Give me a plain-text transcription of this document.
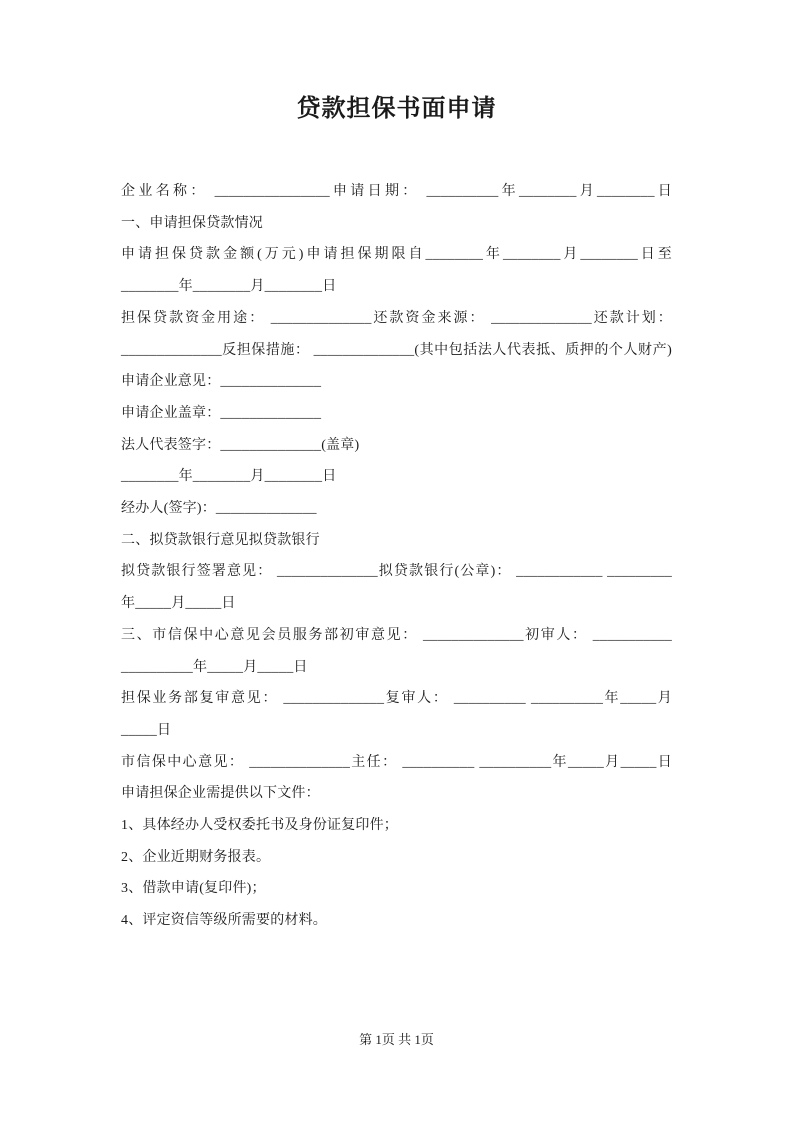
贷款担保书面申请
企业名称： ________________申请日期： __________年________月________日
一、申请担保贷款情况
申请担保贷款金额(万元)申请担保期限自________年________月________日至
________年________月________日
担保贷款资金用途： ______________还款资金来源： ______________还款计划：
______________反担保措施： ______________(其中包括法人代表抵、质押的个人财产)
申请企业意见：______________
申请企业盖章：______________
法人代表签字：______________(盖章)
________年________月________日
经办人(签字)：______________
二、拟贷款银行意见拟贷款银行
拟贷款银行签署意见： ______________拟贷款银行(公章)： ____________ _________
年_____月_____日
三、市信保中心意见会员服务部初审意见： ______________初审人： ___________
__________年_____月_____日
担保业务部复审意见： ______________复审人： __________ __________年_____月
_____日
市信保中心意见： ______________主任： __________ __________年_____月_____日
申请担保企业需提供以下文件：
1、具体经办人受权委托书及身份证复印件；
2、企业近期财务报表。
3、借款申请(复印件)；
4、评定资信等级所需要的材料。
第 1页 共 1页
